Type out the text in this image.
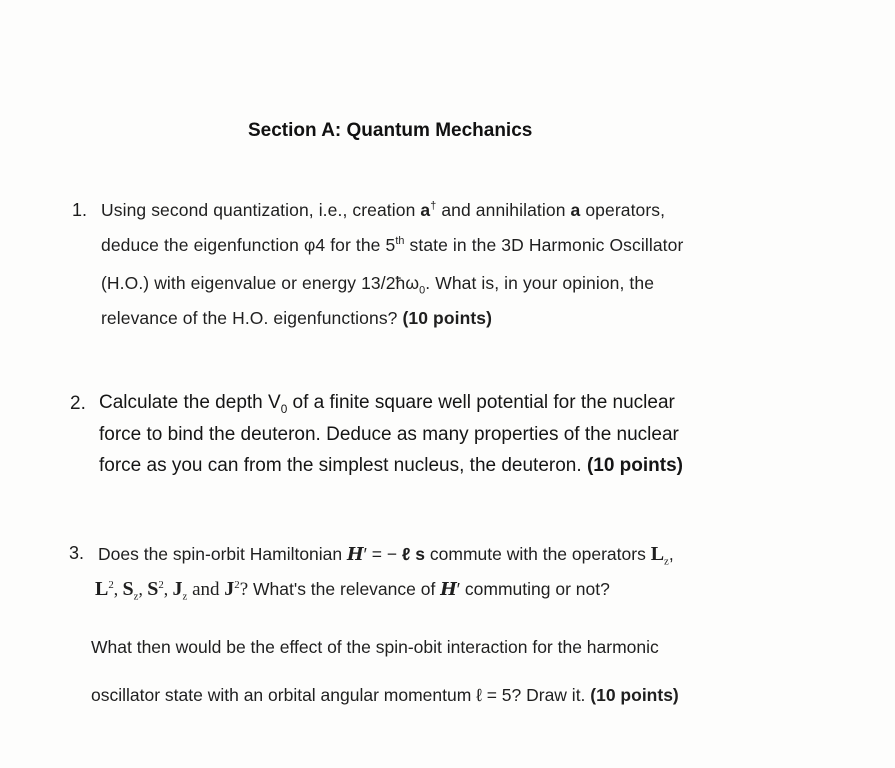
Section A: Quantum Mechanics
1. Using second quantization, i.e., creation a† and annihilation a operators,
deduce the eigenfunction φ4 for the 5th state in the 3D Harmonic Oscillator
(H.O.) with eigenvalue or energy $13/2ħ\omega_0$. What is, in your opinion, the
relevance of the H.O. eigenfunctions? (10 points)
2. Calculate the depth $V_0$ of a finite square well potential for the nuclear
force to bind the deuteron. Deduce as many properties of the nuclear
force as you can from the simplest nucleus, the deuteron. (10 points)
3. Does the spin-orbit Hamiltonian H′ = − ℓ s commute with the operators $L_z$,
$L^2$, $S_z$, $S^2$, $J_z$ and $J^2$? What's the relevance of H′ commuting or not?
What then would be the effect of the spin-obit interaction for the harmonic
oscillator state with an orbital angular momentum ℓ = 5? Draw it. (10 points)
